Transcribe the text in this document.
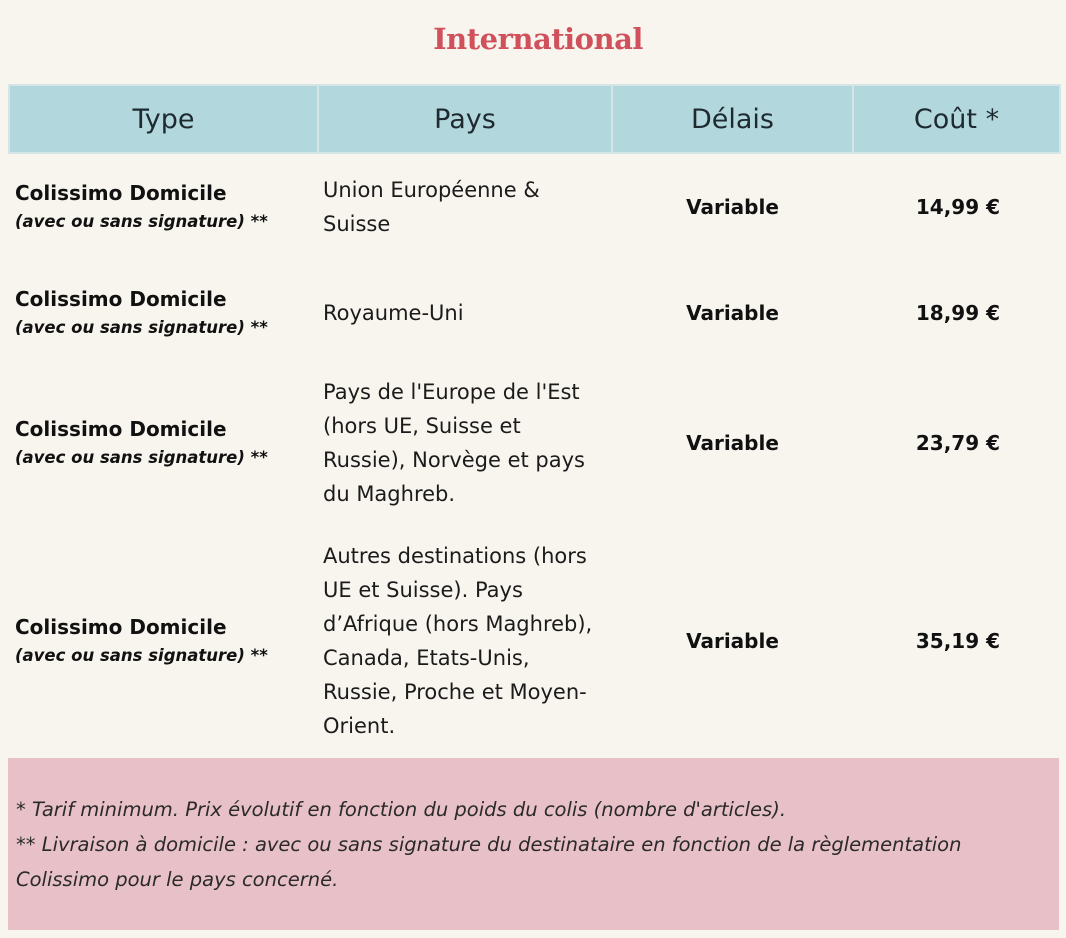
International
Type	Pays	Délais	Coût *

Colissimo Domicile
(avec ou sans signature) **	Union Européenne & Suisse	Variable	14,99 €

Colissimo Domicile
(avec ou sans signature) **	Royaume-Uni	Variable	18,99 €

Colissimo Domicile
(avec ou sans signature) **	Pays de l'Europe de l'Est (hors UE, Suisse et Russie), Norvège et pays du Maghreb.	Variable	23,79 €

Colissimo Domicile
(avec ou sans signature) **	Autres destinations (hors UE et Suisse). Pays d’Afrique (hors Maghreb), Canada, Etats-Unis, Russie, Proche et Moyen-Orient.	Variable	35,19 €
* Tarif minimum. Prix évolutif en fonction du poids du colis (nombre d'articles).
** Livraison à domicile : avec ou sans signature du destinataire en fonction de la règlementation Colissimo pour le pays concerné.
